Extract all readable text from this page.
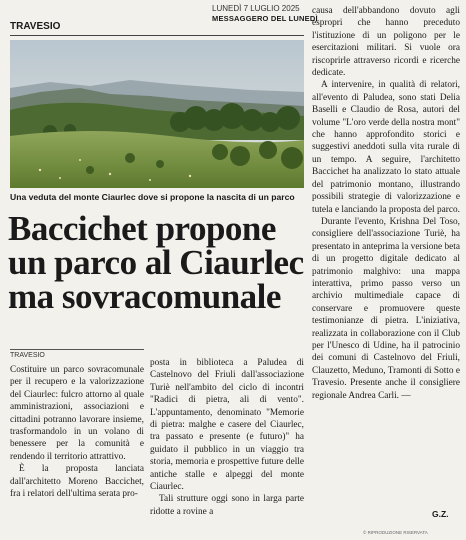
LUNEDÌ 7 LUGLIO 2025
MESSAGGERO DEL LUNEDÌ
TRAVESIO
Una veduta del monte Ciaurlec dove si propone la nascita di un parco
Baccichet propone
un parco al Ciaurlec
ma sovracomunale
TRAVESIO

Costituire un parco sovracomunale per il recupero e la valorizzazione del Ciaurlec: fulcro attorno al quale amministrazioni, associazioni e cittadini potranno lavorare insieme, trasformandolo in un volano di benessere per la comunità e rendendo il territorio attrattivo.

È la proposta lanciata dall'architetto Moreno Baccichet, fra i relatori dell'ultima serata pro-

posta in biblioteca a Paludea di Castelnovo del Friuli dall'associazione Turiè nell'ambito del ciclo di incontri "Radici di pietra, ali di vento". L'appuntamento, denominato "Memorie di pietra: malghe e casere del Ciaurlec, tra passato e presente (e futuro)" ha guidato il pubblico in un viaggio tra storia, memoria e prospettive future delle antiche stalle e alpeggi del monte Ciaurlec.

Tali strutture oggi sono in larga parte ridotte a rovine a

causa dell'abbandono dovuto agli espropri che hanno preceduto l'istituzione di un poligono per le esercitazioni militari. Si vuole ora riscoprirle attraverso ricordi e ricerche dedicate.

A intervenire, in qualità di relatori, all'evento di Paludea, sono stati Delia Baselli e Claudio de Rosa, autori del volume "L'oro verde della nostra mont" che hanno approfondito storici e suggestivi aneddoti sulla vita rurale di un tempo. A seguire, l'architetto Baccichet ha analizzato lo stato attuale del patrimonio montano, illustrando possibili strategie di valorizzazione e tutela e lanciando la proposta del parco.

Durante l'evento, Krishna Del Toso, consigliere dell'associazione Turiè, ha presentato in anteprima la versione beta di un progetto digitale dedicato al patrimonio malghivo: una mappa interattiva, primo passo verso un archivio multimediale capace di conservare e promuovere queste testimonianze di pietra. L'iniziativa, realizzata in collaborazione con il Club per l'Unesco di Udine, ha il patrocinio dei comuni di Castelnovo del Friuli, Clauzetto, Meduno, Tramonti di Sotto e Travesio. Presente anche il consigliere regionale Andrea Carli. —

G.Z.
© RIPRODUZIONE RISERVATA
